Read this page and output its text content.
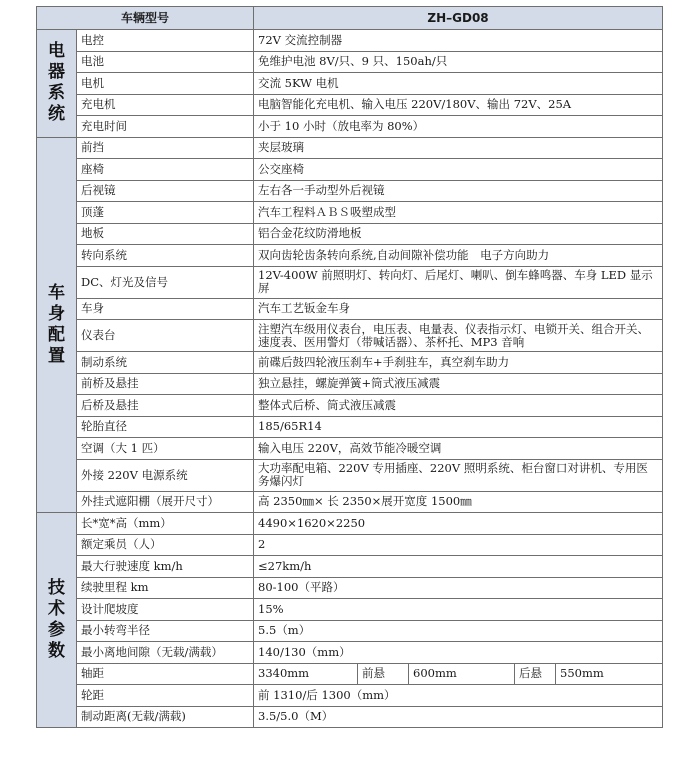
车辆型号		ZH–GD08				

电
器
系
统	电控	72V 交流控制器				
	电池	免维护电池 8V/只、9 只、150ah/只				
	电机	交流 5KW 电机				
	充电机	电脑智能化充电机、输入电压 220V/180V、输出 72V、25A				
	充电时间	小于 10 小时（放电率为 80%）				

车
身
配
置	前挡	夹层玻璃				
	座椅	公交座椅				
	后视镜	左右各一手动型外后视镜				
	顶蓬	汽车工程料ＡＢＳ吸塑成型				
	地板	铝合金花纹防滑地板				
	转向系统	双向齿轮齿条转向系统,自动间隙补偿功能　电子方向助力				
	DC、灯光及信号	12V-400W 前照明灯、转向灯、后尾灯、喇叭、倒车蜂鸣器、车身 LED 显示屏				
	车身	汽车工艺钣金车身				
	仪表台	注塑汽车级用仪表台，电压表、电量表、仪表指示灯、电锁开关、组合开关、速度表、医用警灯（带喊话器）、茶杯托、MP3 音响				
	制动系统	前碟后鼓四轮液压刹车+手刹驻车，真空刹车助力				
	前桥及悬挂	独立悬挂，螺旋弹簧+筒式液压减震				
	后桥及悬挂	整体式后桥、筒式液压减震				
	轮胎直径	185/65R14				
	空调（大 1 匹）	输入电压 220V，高效节能冷暖空调				
	外接 220V 电源系统	大功率配电箱、220V 专用插座、220V 照明系统、柜台窗口对讲机、专用医务爆闪灯				
	外挂式遮阳棚（展开尺寸）	高 2350㎜× 长 2350×展开宽度 1500㎜				

技
术
参
数	长*宽*高（mm）	4490×1620×2250				
	额定乘员（人）	2				
	最大行驶速度 km/h	≤27km/h				
	续驶里程 km	80-100（平路）				
	设计爬坡度	15%				
	最小转弯半径	5.5（m）				
	最小离地间隙（无载/满载）	140/130（mm）				
	轴距	3340mm	前悬	600mm	后悬	550mm
	轮距	前 1310/后 1300（mm）				
	制动距离(无载/满载)	3.5/5.0（M）				
